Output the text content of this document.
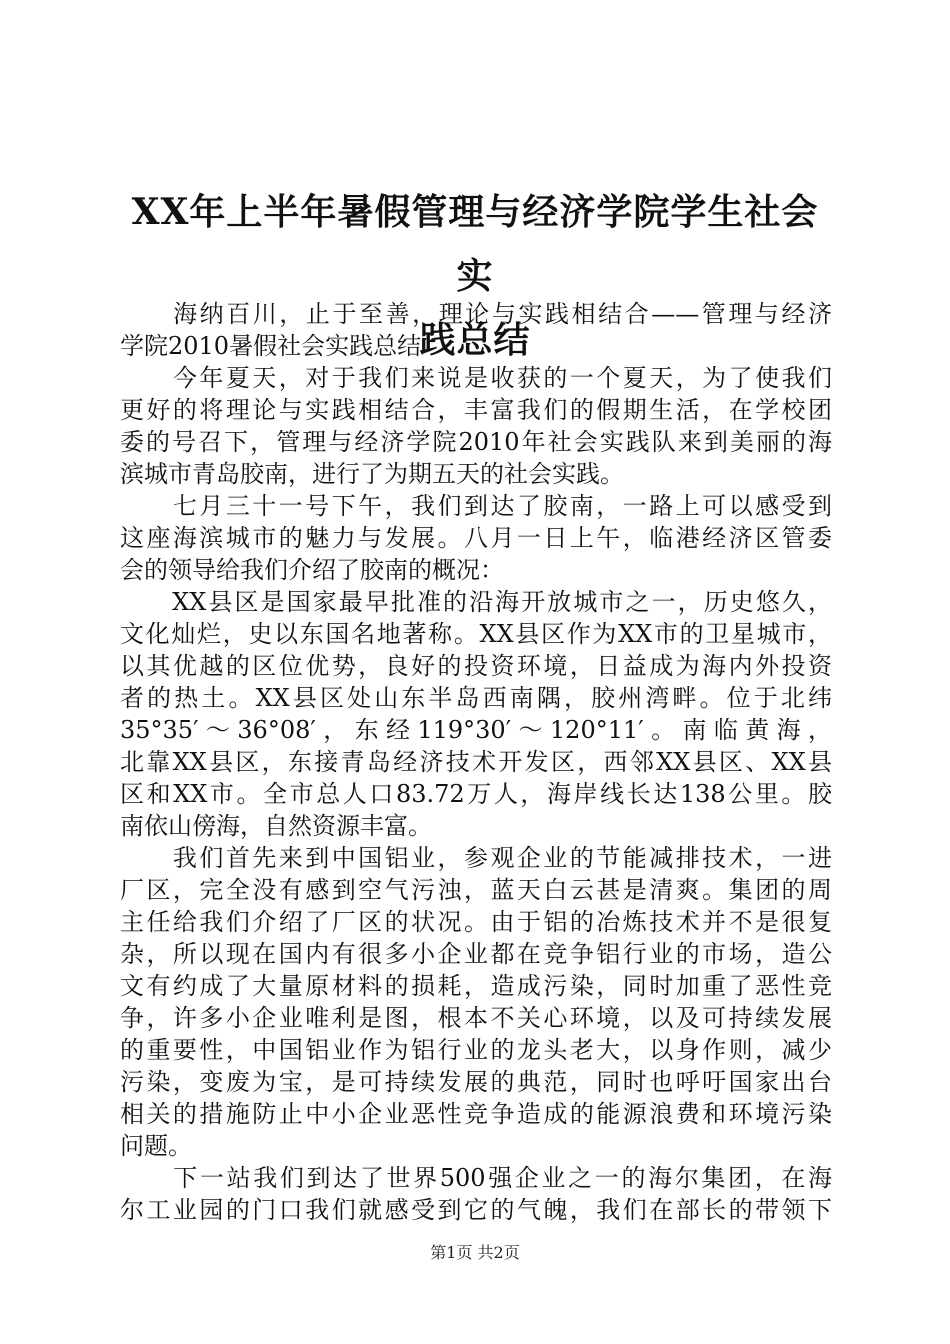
XX年上半年暑假管理与经济学院学生社会实
践总结
　　海纳百川，止于至善，理论与实践相结合——管理与经济
学院2010暑假社会实践总结
　　今年夏天，对于我们来说是收获的一个夏天，为了使我们
更好的将理论与实践相结合，丰富我们的假期生活，在学校团
委的号召下，管理与经济学院2010年社会实践队来到美丽的海
滨城市青岛胶南，进行了为期五天的社会实践。
　　七月三十一号下午，我们到达了胶南，一路上可以感受到
这座海滨城市的魅力与发展。八月一日上午，临港经济区管委
会的领导给我们介绍了胶南的概况：
　　XX县区是国家最早批准的沿海开放城市之一，历史悠久，
文化灿烂，史以东国名地著称。XX县区作为XX市的卫星城市，
以其优越的区位优势，良好的投资环境，日益成为海内外投资
者的热土。XX县区处山东半岛西南隅，胶州湾畔。位于北纬
35°35′～36°08′，东经119°30′～120°11′。南临黄海，
北靠XX县区，东接青岛经济技术开发区，西邻XX县区、XX县
区和XX市。全市总人口83.72万人，海岸线长达138公里。胶
南依山傍海，自然资源丰富。
　　我们首先来到中国铝业，参观企业的节能减排技术，一进
厂区，完全没有感到空气污浊，蓝天白云甚是清爽。集团的周
主任给我们介绍了厂区的状况。由于铝的冶炼技术并不是很复
杂，所以现在国内有很多小企业都在竞争铝行业的市场，造公
文有约成了大量原材料的损耗，造成污染，同时加重了恶性竞
争，许多小企业唯利是图，根本不关心环境，以及可持续发展
的重要性，中国铝业作为铝行业的龙头老大，以身作则，减少
污染，变废为宝，是可持续发展的典范，同时也呼吁国家出台
相关的措施防止中小企业恶性竞争造成的能源浪费和环境污染
问题。
　　下一站我们到达了世界500强企业之一的海尔集团，在海
尔工业园的门口我们就感受到它的气魄，我们在部长的带领下
第1页 共2页
